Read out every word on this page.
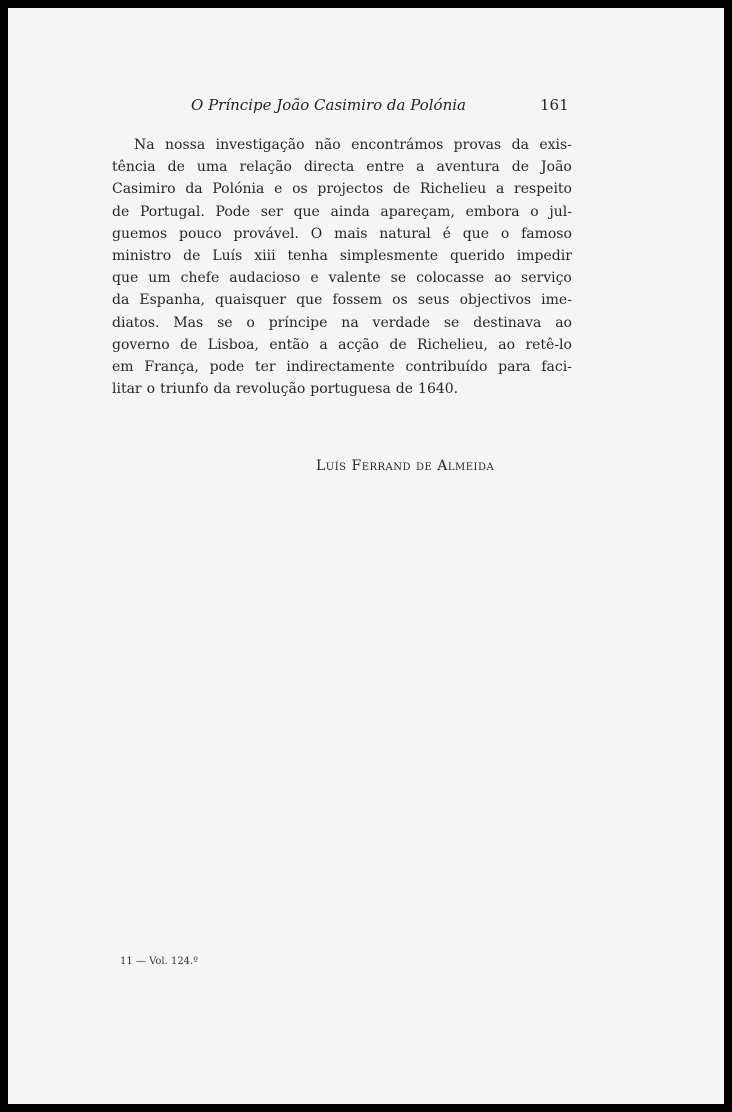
O Príncipe João Casimiro da Polónia	161
Na nossa investigação não encontrámos provas da exis-
tência de uma relação directa entre a aventura de João
Casimiro da Polónia e os projectos de Richelieu a respeito
de Portugal. Pode ser que ainda apareçam, embora o jul-
guemos pouco provável. O mais natural é que o famoso
ministro de Luís xiii tenha simplesmente querido impedir
que um chefe audacioso e valente se colocasse ao serviço
da Espanha, quaisquer que fossem os seus objectivos ime-
diatos. Mas se o príncipe na verdade se destinava ao
governo de Lisboa, então a acção de Richelieu, ao retê-lo
em França, pode ter indirectamente contribuído para faci-
litar o triunfo da revolução portuguesa de 1640.
Luís Ferrand de Almeida
11 — Vol. 124.º
